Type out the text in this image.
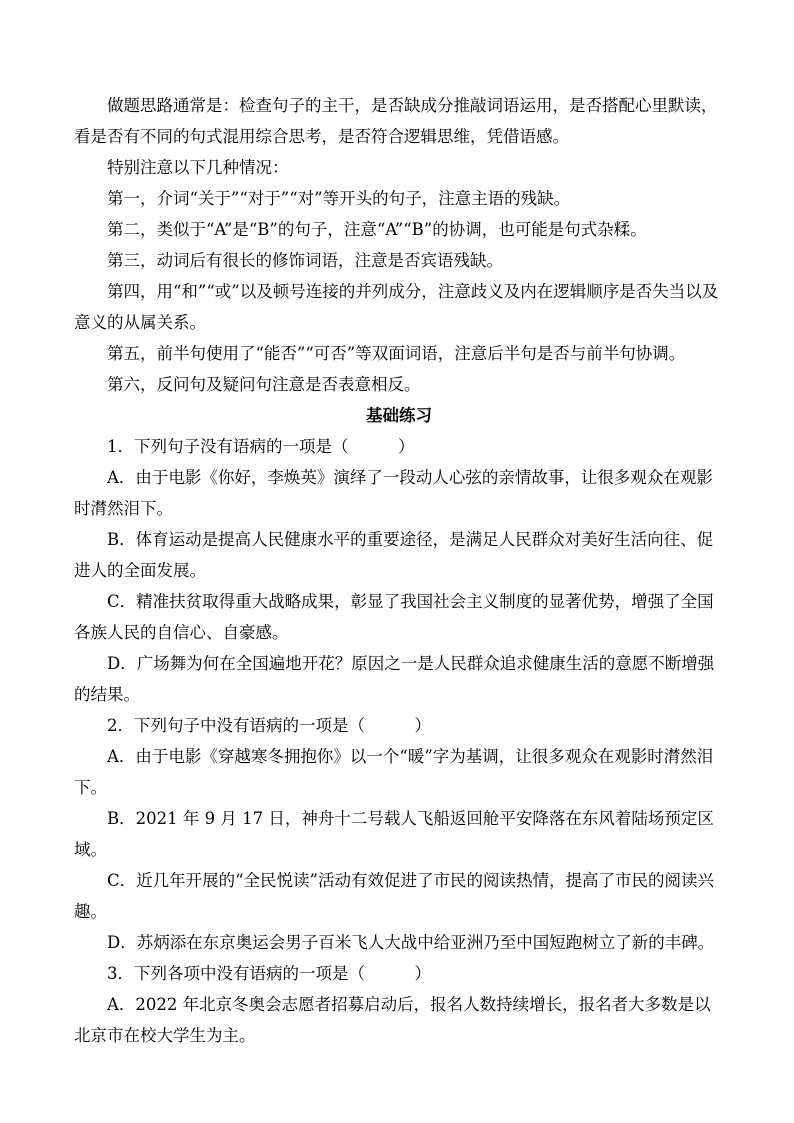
做题思路通常是：检查句子的主干，是否缺成分推敲词语运用，是否搭配心里默读，看是否有不同的句式混用综合思考，是否符合逻辑思维，凭借语感。

特别注意以下几种情况：

第一，介词“关于”“对于”“对”等开头的句子，注意主语的残缺。

第二，类似于“A”是“B”的句子，注意“A”“B”的协调，也可能是句式杂糅。

第三，动词后有很长的修饰词语，注意是否宾语残缺。

第四，用“和”“或”以及顿号连接的并列成分，注意歧义及内在逻辑顺序是否失当以及意义的从属关系。

第五，前半句使用了“能否”“可否”等双面词语，注意后半句是否与前半句协调。

第六，反问句及疑问句注意是否表意相反。

基础练习

1．下列句子没有语病的一项是（　　　）

A．由于电影《你好，李焕英》演绎了一段动人心弦的亲情故事，让很多观众在观影时潸然泪下。

B．体育运动是提高人民健康水平的重要途径，是满足人民群众对美好生活向往、促进人的全面发展。

C．精准扶贫取得重大战略成果，彰显了我国社会主义制度的显著优势，增强了全国各族人民的自信心、自豪感。

D．广场舞为何在全国遍地开花？原因之一是人民群众追求健康生活的意愿不断增强的结果。

2．下列句子中没有语病的一项是（　　　）

A．由于电影《穿越寒冬拥抱你》以一个“暖”字为基调，让很多观众在观影时潸然泪下。

B．2021 年 9 月 17 日，神舟十二号载人飞船返回舱平安降落在东风着陆场预定区域。

C．近几年开展的“全民悦读”活动有效促进了市民的阅读热情，提高了市民的阅读兴趣。

D．苏炳添在东京奥运会男子百米飞人大战中给亚洲乃至中国短跑树立了新的丰碑。

3．下列各项中没有语病的一项是（　　　）

A．2022 年北京冬奥会志愿者招募启动后，报名人数持续增长，报名者大多数是以北京市在校大学生为主。
